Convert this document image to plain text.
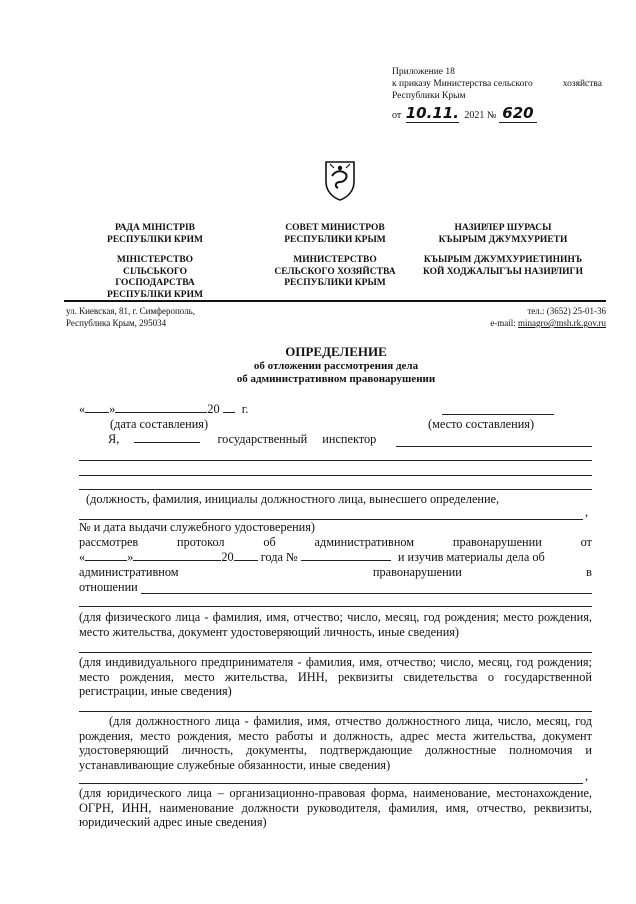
Приложение 18
к приказу Министерства сельского	хозяйства
Республики Крым
от 10.11. 2021 № 620
РАДА МІНІСТРІВ
РЕСПУБЛІКИ КРИМ
МІНІСТЕРСТВО
СІЛЬСЬКОГО
ГОСПОДАРСТВА
РЕСПУБЛІКИ КРИМ
СОВЕТ МИНИСТРОВ
РЕСПУБЛИКИ КРЫМ
МИНИСТЕРСТВО
СЕЛЬСКОГО ХОЗЯЙСТВА
РЕСПУБЛИКИ КРЫМ
НАЗИРЛЕР ШУРАСЫ
КЪЫРЫМ ДЖУМХУРИЕТИ
КЪЫРЫМ ДЖУМХУРИЕТИНИНЪ
КОЙ ХОДЖАЛЫГЪЫ НАЗИРЛИГИ
ул. Киевская, 81, г. Симферополь,
Республика Крым, 295034
тел.: (3652) 25-01-36
e-mail: minagro@msh.rk.gov.ru
ОПРЕДЕЛЕНИЕ
об отложении рассмотрения дела
об административном правонарушении
« »	20 г.
(дата составления)	(место составления)
Я,	государственный инспектор
(должность, фамилия, инициалы должностного лица, вынесшего определение,
,
№ и дата выдачи служебного удостоверения)
рассмотрев	протокол	об	административном	правонарушении	от
«	»	20 года №	и изучив материалы дела об
административном	правонарушении	в
отношении
(для физического лица - фамилия, имя, отчество; число, месяц, год рождения; место рождения, место жительства, документ удостоверяющий личность, иные сведения)
(для индивидуального предпринимателя - фамилия, имя, отчество; число, месяц, год рождения; место рождения, место жительства, ИНН, реквизиты свидетельства о государственной регистрации, иные сведения)
(для должностного лица - фамилия, имя, отчество должностного лица, число, месяц, год рождения, место рождения, место работы и должность, адрес места жительства, документ удостоверяющий личность, документы, подтверждающие должностные полномочия и устанавливающие служебные обязанности, иные сведения)
,
(для юридического лица – организационно-правовая форма, наименование, местонахождение, ОГРН, ИНН, наименование должности руководителя, фамилия, имя, отчество, реквизиты, юридический адрес иные сведения)
